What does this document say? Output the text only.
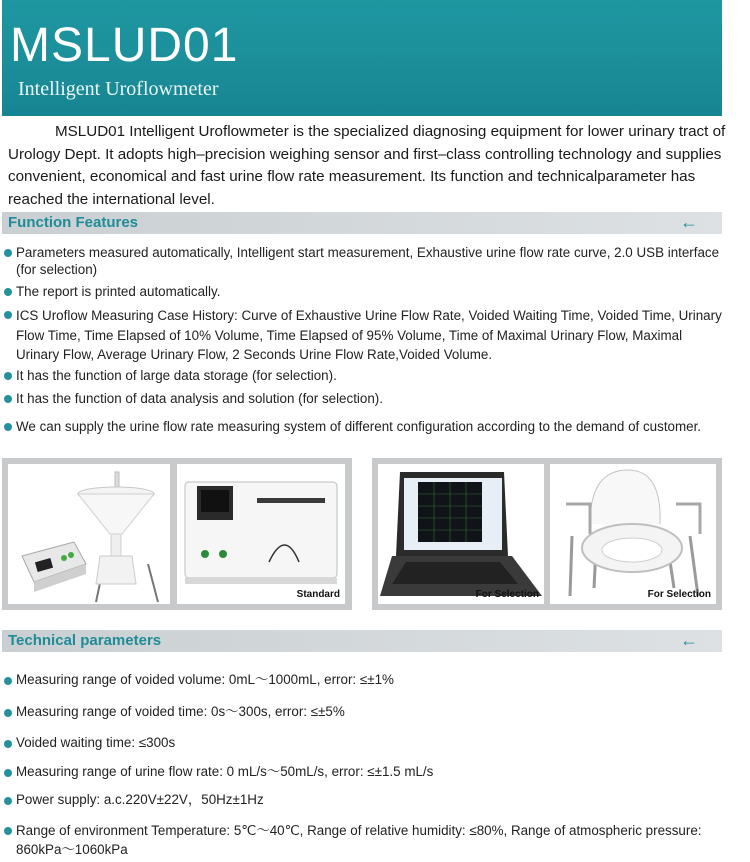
MSLUD01
Intelligent Uroflowmeter
MSLUD01 Intelligent Uroflowmeter is the specialized diagnosing equipment for lower urinary tract of Urology Dept. It adopts high–precision weighing sensor and first–class controlling technology and supplies convenient, economical and fast urine flow rate measurement. Its function and technicalparameter has reached the international level.
Function Features	←
Parameters measured automatically, Intelligent start measurement, Exhaustive urine flow rate curve, 2.0 USB interface (for selection)
The report is printed automatically.
ICS Uroflow Measuring Case History: Curve of Exhaustive Urine Flow Rate, Voided Waiting Time, Voided Time, Urinary Flow Time, Time Elapsed of 10% Volume, Time Elapsed of 95% Volume, Time of Maximal Urinary Flow, Maximal Urinary Flow, Average Urinary Flow, 2 Seconds Urine Flow Rate,Voided Volume.
It has the function of large data storage (for selection).
It has the function of data analysis and solution (for selection).
We can supply the urine flow rate measuring system of different configuration according to the demand of customer.
Standard	For Selection	For Selection
Technical parameters	←
Measuring range of voided volume: 0mL～1000mL, error: ≤±1%
Measuring range of voided time: 0s～300s, error: ≤±5%
Voided waiting time: ≤300s
Measuring range of urine flow rate: 0 mL/s～50mL/s, error: ≤±1.5 mL/s
Power supply: a.c.220V±22V，50Hz±1Hz
Range of environment Temperature: 5℃～40℃, Range of relative humidity: ≤80%, Range of atmospheric pressure: 860kPa～1060kPa
